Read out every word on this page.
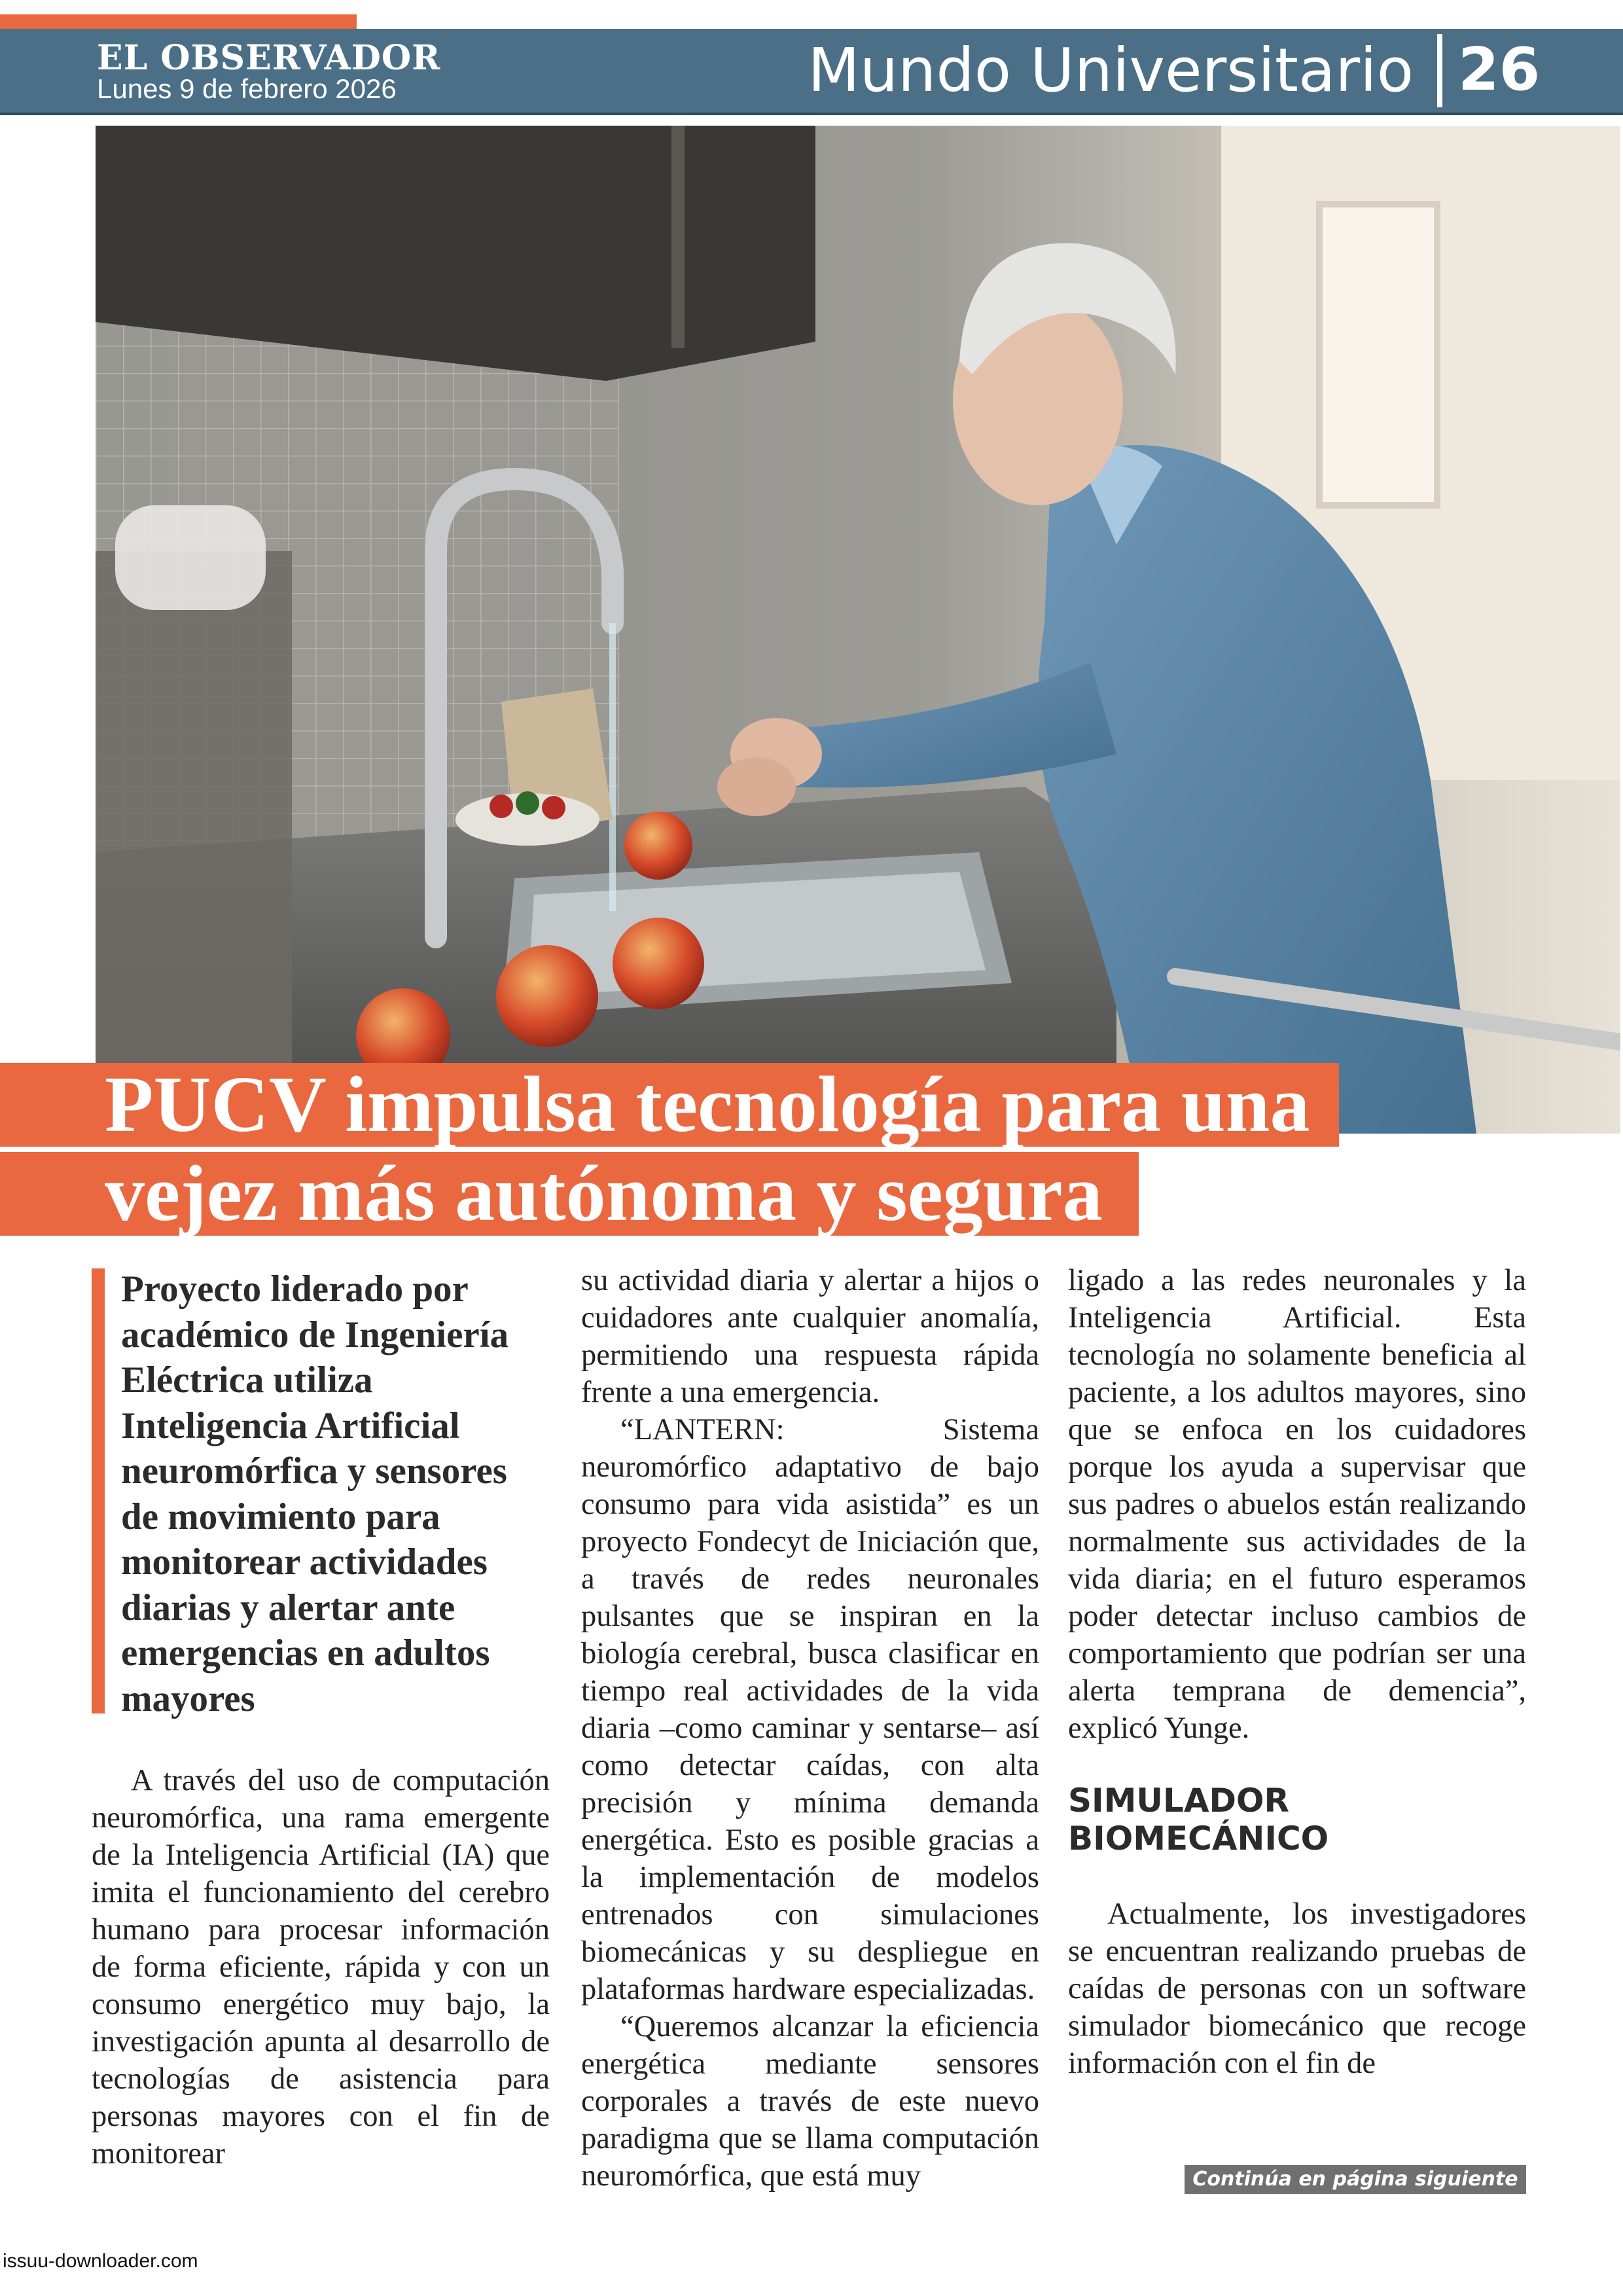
EL OBSERVADOR
Lunes 9 de febrero 2026	Mundo Universitario 26
PUCV impulsa tecnología para una
vejez más autónoma y segura
Proyecto liderado por académico de Ingeniería Eléctrica utiliza Inteligencia Artificial neuromórfica y sensores de movimiento para monitorear actividades diarias y alertar ante emergencias en adultos mayores

A través del uso de computación neuromórfica, una rama emergente de la Inteligencia Artificial (IA) que imita el funcionamiento del cerebro humano para procesar información de forma eficiente, rápida y con un consumo energético muy bajo, la investigación apunta al desarrollo de tecnologías de asistencia para personas mayores con el fin de monitorear

su actividad diaria y alertar a hijos o cuidadores ante cualquier anomalía, permitiendo una respuesta rápida frente a una emergencia.

“LANTERN: Sistema neuromórfico adaptativo de bajo consumo para vida asistida” es un proyecto Fondecyt de Iniciación que, a través de redes neuronales pulsantes que se inspiran en la biología cerebral, busca clasificar en tiempo real actividades de la vida diaria –como caminar y sentarse– así como detectar caídas, con alta precisión y mínima demanda energética. Esto es posible gracias a la implementación de modelos entrenados con simulaciones biomecánicas y su despliegue en plataformas hardware especializadas.

“Queremos alcanzar la eficiencia energética mediante sensores corporales a través de este nuevo paradigma que se llama computación neuromórfica, que está muy

ligado a las redes neuronales y la Inteligencia Artificial. Esta tecnología no solamente beneficia al paciente, a los adultos mayores, sino que se enfoca en los cuidadores porque los ayuda a supervisar que sus padres o abuelos están realizando normalmente sus actividades de la vida diaria; en el futuro esperamos poder detectar incluso cambios de comportamiento que podrían ser una alerta temprana de demencia”, explicó Yunge.

SIMULADOR BIOMECÁNICO

Actualmente, los investigadores se encuentran realizando pruebas de caídas de personas con un software simulador biomecánico que recoge información con el fin de

Continúa en página siguiente
issuu-downloader.com
